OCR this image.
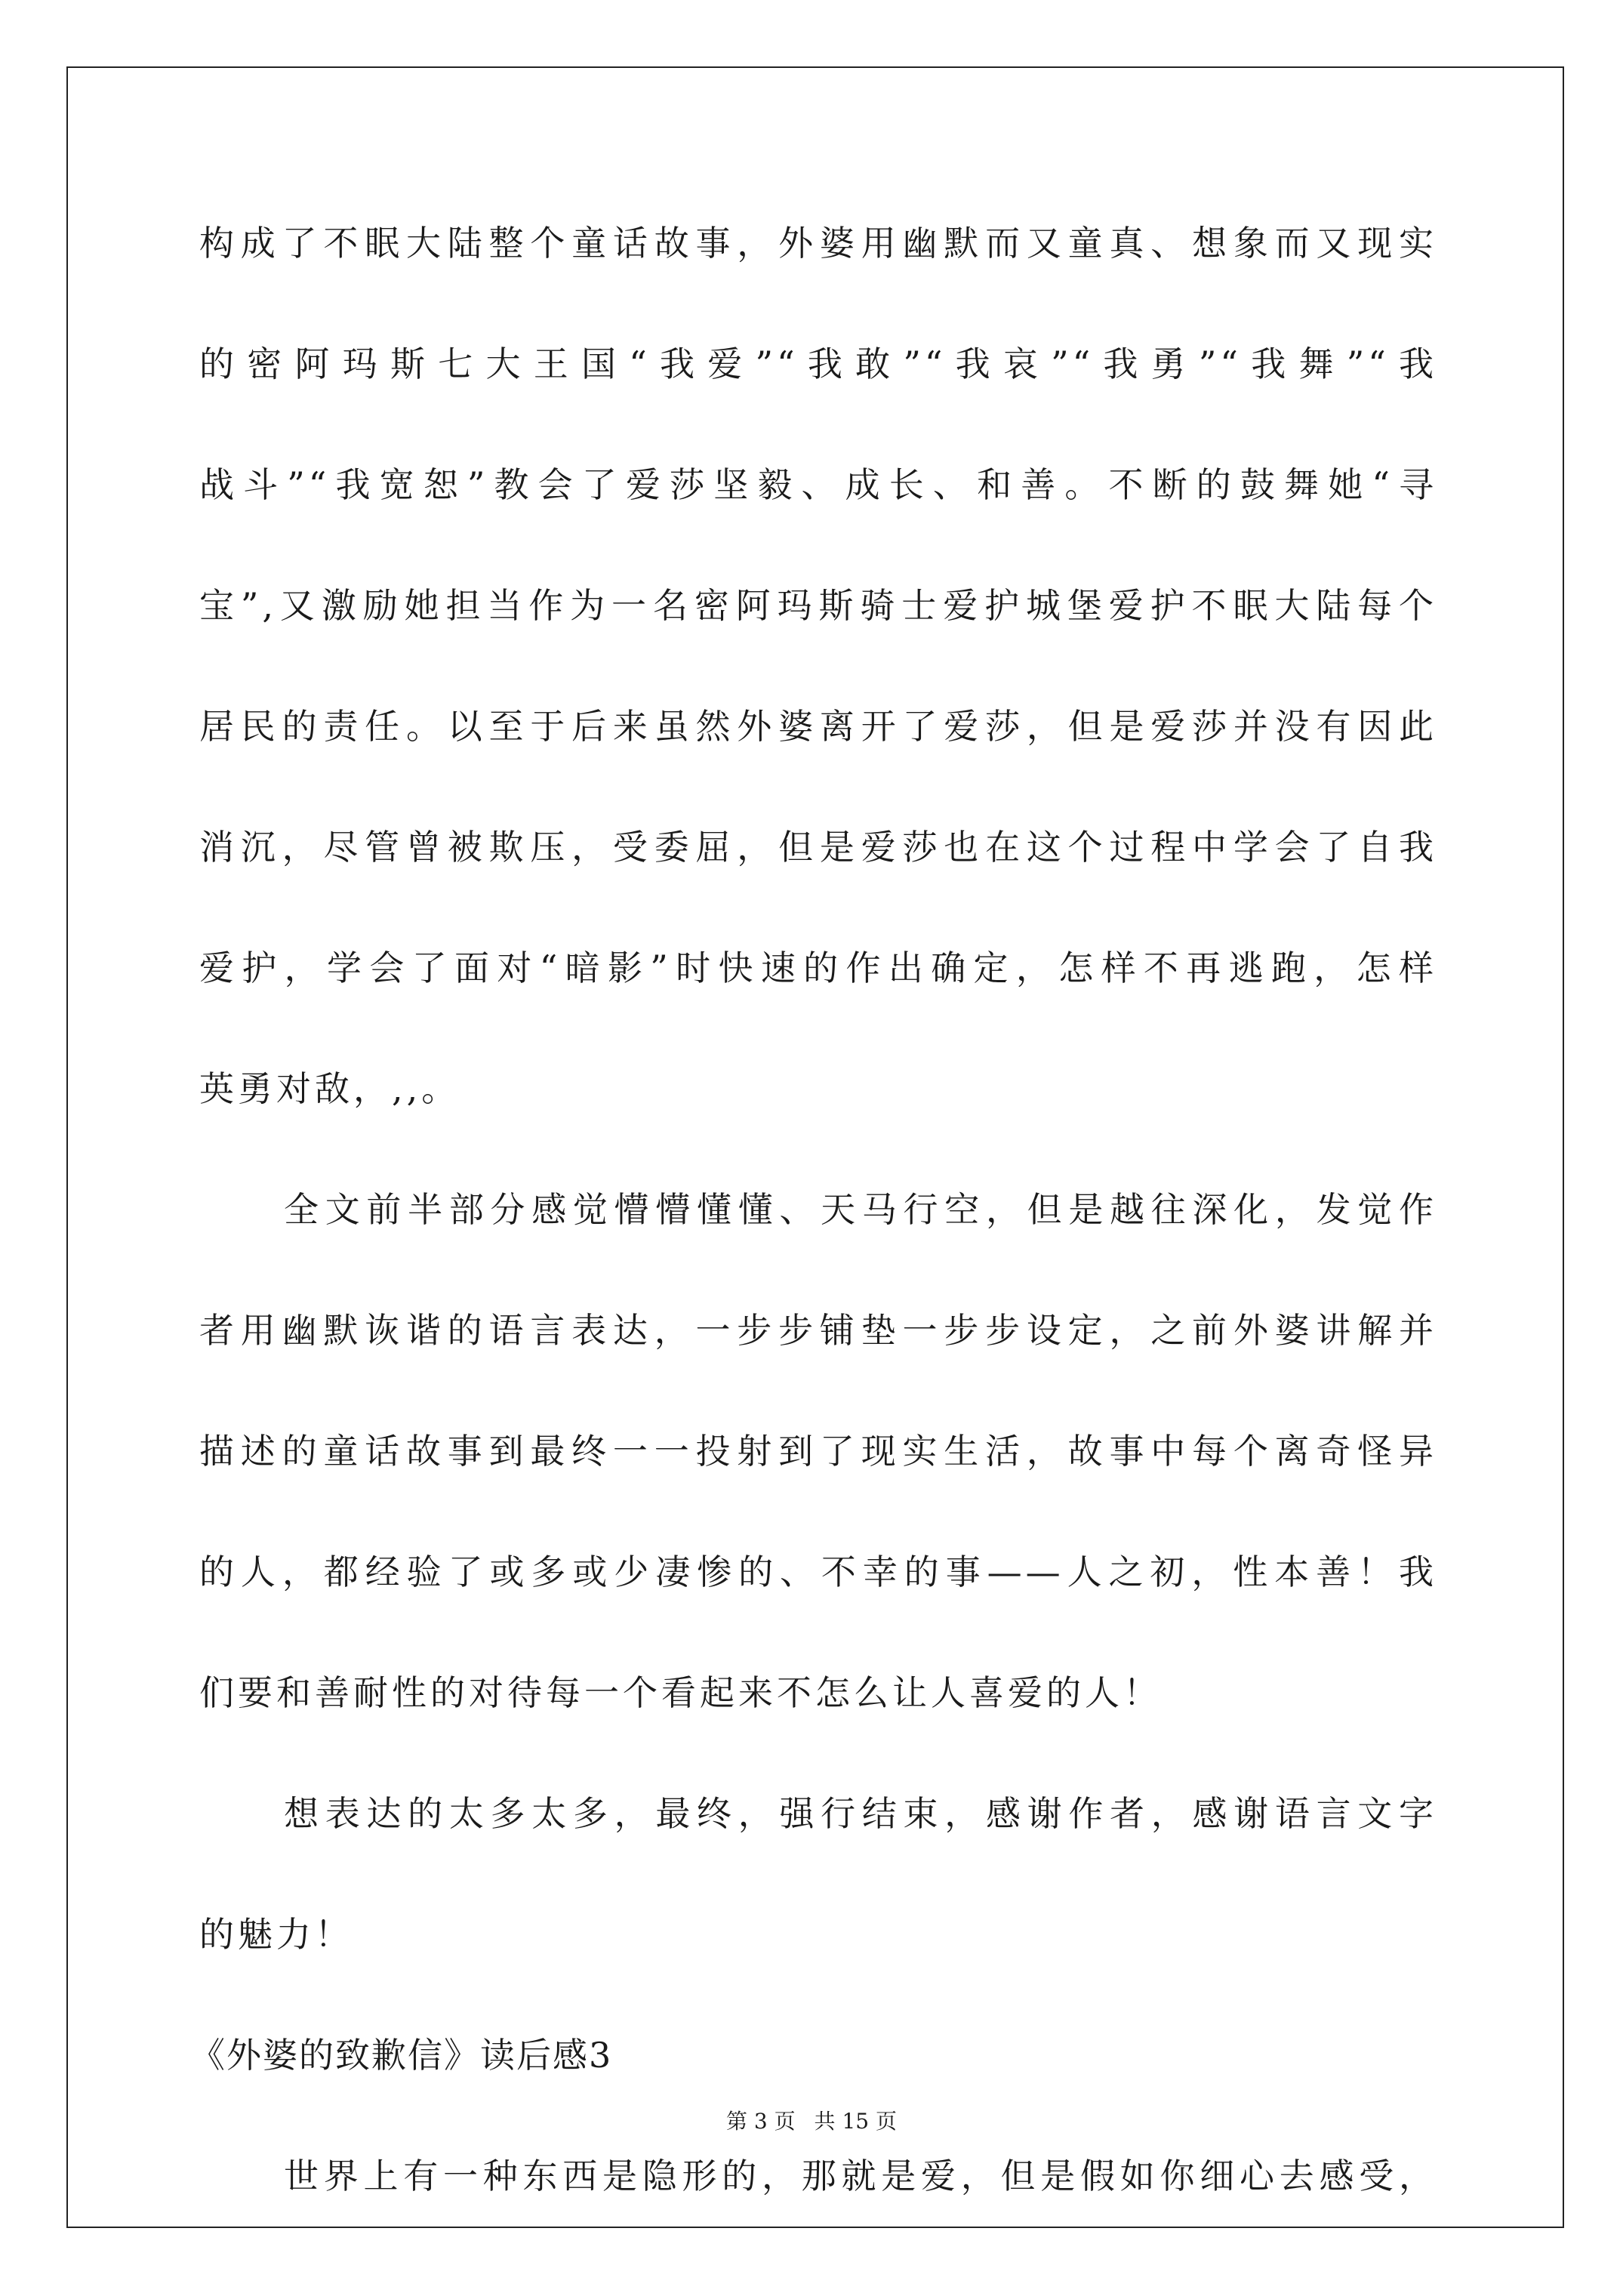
构成了不眠大陆整个童话故事，外婆用幽默而又童真、想象而又现实
的密阿玛斯七大王国“我爱”“我敢”“我哀”“我勇”“我舞”“我
战斗”“我宽恕”教会了爱莎坚毅、成长、和善。不断的鼓舞她“寻
宝”,又激励她担当作为一名密阿玛斯骑士爱护城堡爱护不眠大陆每个
居民的责任。以至于后来虽然外婆离开了爱莎，但是爱莎并没有因此
消沉，尽管曾被欺压，受委屈，但是爱莎也在这个过程中学会了自我
爱护，学会了面对“暗影”时快速的作出确定，怎样不再逃跑，怎样
英勇对敌，,,。
全文前半部分感觉懵懵懂懂、天马行空，但是越往深化，发觉作
者用幽默诙谐的语言表达，一步步铺垫一步步设定，之前外婆讲解并
描述的童话故事到最终一一投射到了现实生活，故事中每个离奇怪异
的人，都经验了或多或少凄惨的、不幸的事——人之初，性本善！我
们要和善耐性的对待每一个看起来不怎么让人喜爱的人！
想表达的太多太多，最终，强行结束，感谢作者，感谢语言文字
的魅力！
《外婆的致歉信》读后感3
世界上有一种东西是隐形的，那就是爱，但是假如你细心去感受，
第 3 页 共 15 页
